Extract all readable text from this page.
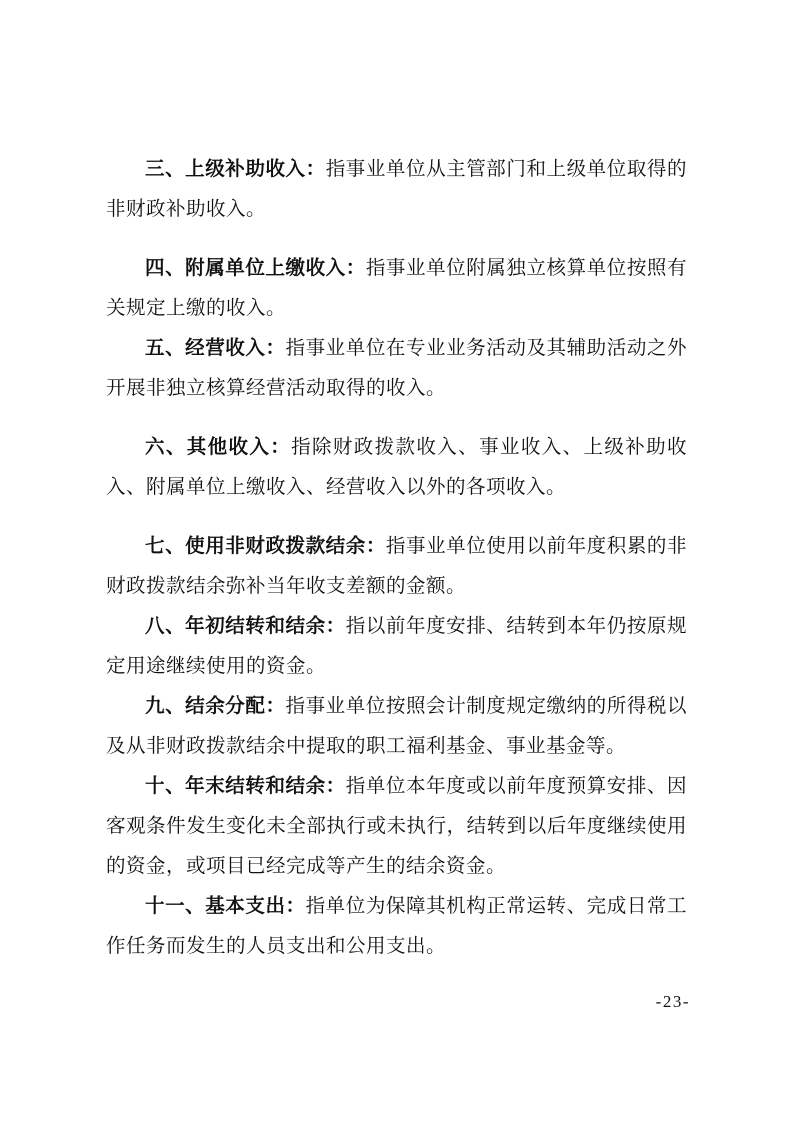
三、上级补助收入：指事业单位从主管部门和上级单位取得的非财政补助收入。

四、附属单位上缴收入：指事业单位附属独立核算单位按照有关规定上缴的收入。

五、经营收入：指事业单位在专业业务活动及其辅助活动之外开展非独立核算经营活动取得的收入。

六、其他收入：指除财政拨款收入、事业收入、上级补助收入、附属单位上缴收入、经营收入以外的各项收入。

七、使用非财政拨款结余：指事业单位使用以前年度积累的非财政拨款结余弥补当年收支差额的金额。

八、年初结转和结余：指以前年度安排、结转到本年仍按原规定用途继续使用的资金。

九、结余分配：指事业单位按照会计制度规定缴纳的所得税以及从非财政拨款结余中提取的职工福利基金、事业基金等。

十、年末结转和结余：指单位本年度或以前年度预算安排、因客观条件发生变化未全部执行或未执行，结转到以后年度继续使用的资金，或项目已经完成等产生的结余资金。

十一、基本支出：指单位为保障其机构正常运转、完成日常工作任务而发生的人员支出和公用支出。

-23-
